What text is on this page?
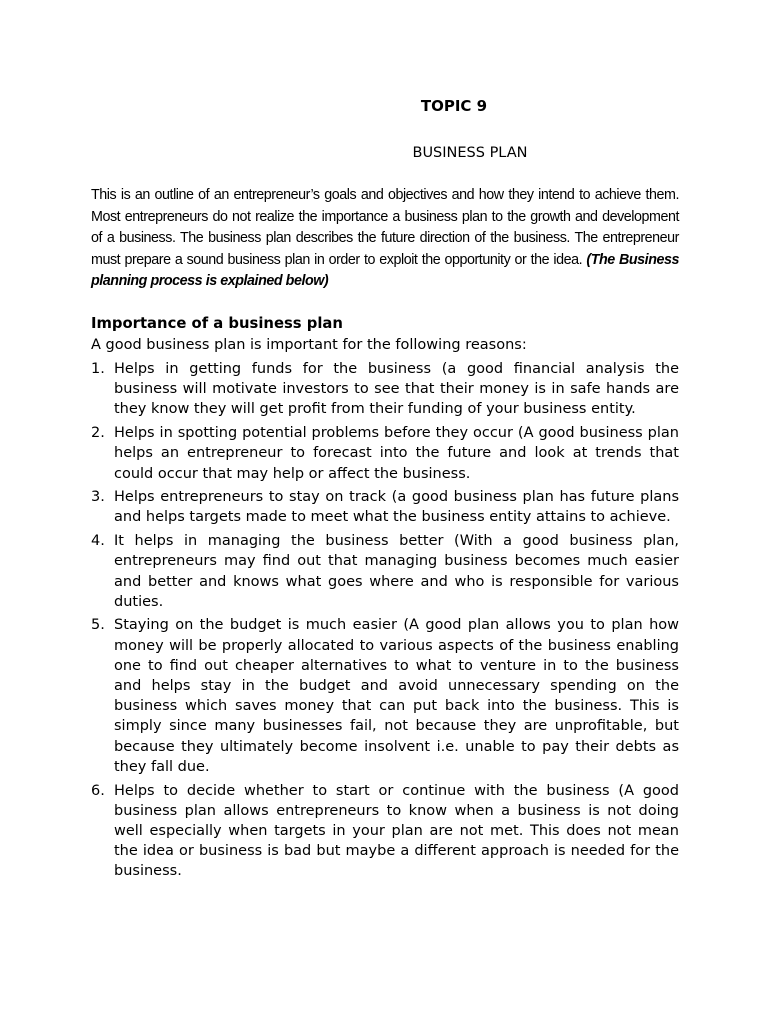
TOPIC 9
BUSINESS PLAN

This is an outline of an entrepreneur’s goals and objectives and how they intend to achieve them. Most entrepreneurs do not realize the importance a business plan to the growth and development of a business. The business plan describes the future direction of the business. The entrepreneur must prepare a sound business plan in order to exploit the opportunity or the idea. (The Business planning process is explained below)

Importance of a business plan
A good business plan is important for the following reasons:
1. Helps in getting funds for the business (a good financial analysis the business will motivate investors to see that their money is in safe hands are they know they will get profit from their funding of your business entity.
2. Helps in spotting potential problems before they occur (A good business plan helps an entrepreneur to forecast into the future and look at trends that could occur that may help or affect the business.
3. Helps entrepreneurs to stay on track (a good business plan has future plans and helps targets made to meet what the business entity attains to achieve.
4. It helps in managing the business better (With a good business plan, entrepreneurs may find out that managing business becomes much easier and better and knows what goes where and who is responsible for various duties.
5. Staying on the budget is much easier (A good plan allows you to plan how money will be properly allocated to various aspects of the business enabling one to find out cheaper alternatives to what to venture in to the business and helps stay in the budget and avoid unnecessary spending on the business which saves money that can put back into the business. This is simply since many businesses fail, not because they are unprofitable, but because they ultimately become insolvent i.e. unable to pay their debts as they fall due.
6. Helps to decide whether to start or continue with the business (A good business plan allows entrepreneurs to know when a business is not doing well especially when targets in your plan are not met. This does not mean the idea or business is bad but maybe a different approach is needed for the business.
